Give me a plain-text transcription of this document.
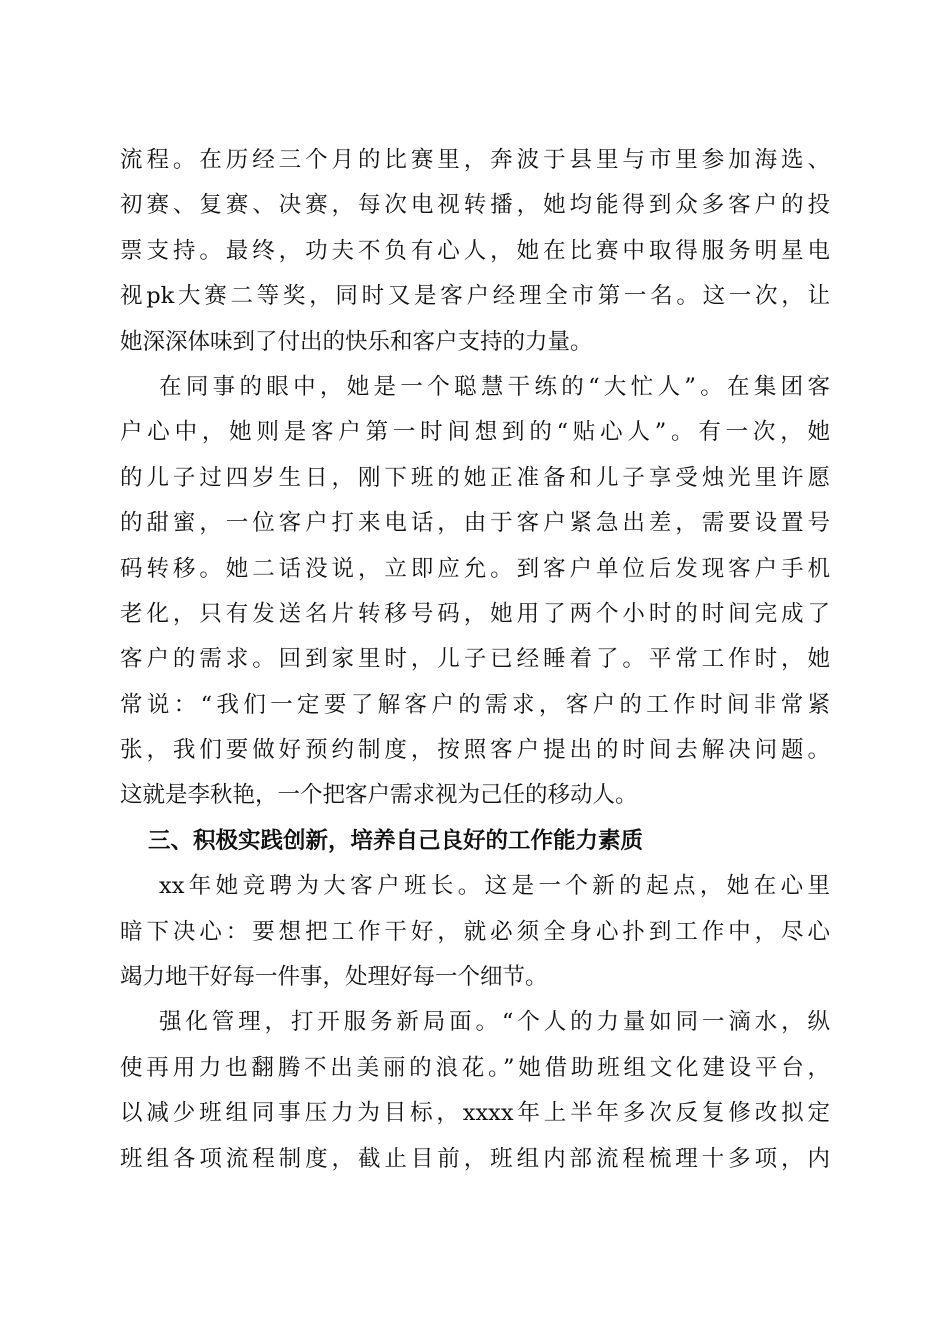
流程。在历经三个月的比赛里，奔波于县里与市里参加海选、
初赛、复赛、决赛，每次电视转播，她均能得到众多客户的投
票支持。最终，功夫不负有心人，她在比赛中取得服务明星电
视pk大赛二等奖，同时又是客户经理全市第一名。这一次，让
她深深体味到了付出的快乐和客户支持的力量。
在同事的眼中，她是一个聪慧干练的“大忙人”。在集团客
户心中，她则是客户第一时间想到的“贴心人”。有一次，她
的儿子过四岁生日，刚下班的她正准备和儿子享受烛光里许愿
的甜蜜，一位客户打来电话，由于客户紧急出差，需要设置号
码转移。她二话没说，立即应允。到客户单位后发现客户手机
老化，只有发送名片转移号码，她用了两个小时的时间完成了
客户的需求。回到家里时，儿子已经睡着了。平常工作时，她
常说：“我们一定要了解客户的需求，客户的工作时间非常紧
张，我们要做好预约制度，按照客户提出的时间去解决问题。
这就是李秋艳，一个把客户需求视为己任的移动人。
三、积极实践创新，培养自己良好的工作能力素质
xx年她竞聘为大客户班长。这是一个新的起点，她在心里
暗下决心：要想把工作干好，就必须全身心扑到工作中，尽心
竭力地干好每一件事，处理好每一个细节。
强化管理，打开服务新局面。“个人的力量如同一滴水，纵
使再用力也翻腾不出美丽的浪花。”她借助班组文化建设平台，
以减少班组同事压力为目标，xxxx年上半年多次反复修改拟定
班组各项流程制度，截止目前，班组内部流程梳理十多项，内
